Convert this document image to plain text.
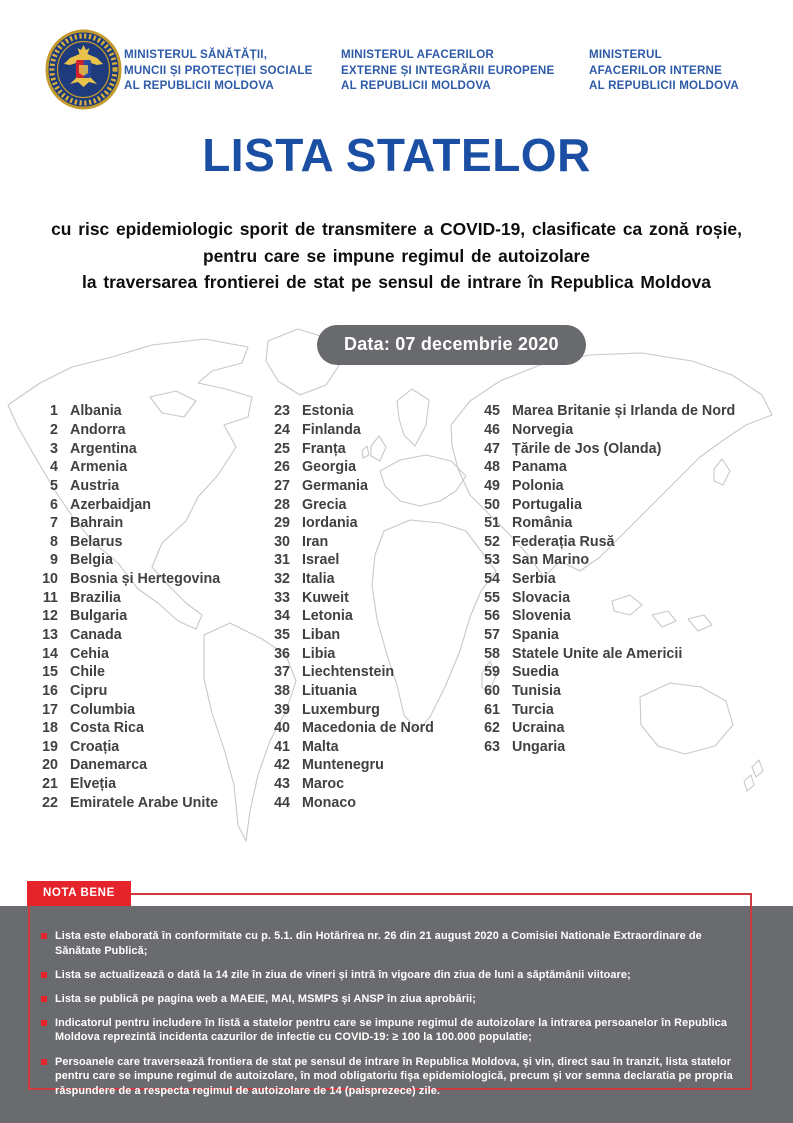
MINISTERUL SĂNĂTĂȚII,
MUNCII ȘI PROTECȚIEI SOCIALE
AL REPUBLICII MOLDOVA
MINISTERUL AFACERILOR
EXTERNE ȘI INTEGRĂRII EUROPENE
AL REPUBLICII MOLDOVA
MINISTERUL
AFACERILOR INTERNE
AL REPUBLICII MOLDOVA
LISTA STATELOR
cu risc epidemiologic sporit de transmitere a COVID-19, clasificate ca zonă roșie,
pentru care se impune regimul de autoizolare
la traversarea frontierei de stat pe sensul de intrare în Republica Moldova
Data: 07 decembrie 2020
1 Albania
2 Andorra
3 Argentina
4 Armenia
5 Austria
6 Azerbaidjan
7 Bahrain
8 Belarus
9 Belgia
10 Bosnia și Hertegovina
11 Brazilia
12 Bulgaria
13 Canada
14 Cehia
15 Chile
16 Cipru
17 Columbia
18 Costa Rica
19 Croația
20 Danemarca
21 Elveția
22 Emiratele Arabe Unite
23 Estonia
24 Finlanda
25 Franța
26 Georgia
27 Germania
28 Grecia
29 Iordania
30 Iran
31 Israel
32 Italia
33 Kuweit
34 Letonia
35 Liban
36 Libia
37 Liechtenstein
38 Lituania
39 Luxemburg
40 Macedonia de Nord
41 Malta
42 Muntenegru
43 Maroc
44 Monaco
45 Marea Britanie și Irlanda de Nord
46 Norvegia
47 Țările de Jos (Olanda)
48 Panama
49 Polonia
50 Portugalia
51 România
52 Federația Rusă
53 San Marino
54 Serbia
55 Slovacia
56 Slovenia
57 Spania
58 Statele Unite ale Americii
59 Suedia
60 Tunisia
61 Turcia
62 Ucraina
63 Ungaria
NOTA BENE

Lista este elaborată în conformitate cu p. 5.1. din Hotărîrea nr. 26 din 21 august 2020 a Comisiei Nationale Extraordinare de Sănătate Publică;

Lista se actualizează o dată la 14 zile în ziua de vineri și intră în vigoare din ziua de luni a săptămânii viitoare;

Lista se publică pe pagina web a MAEIE, MAI, MSMPS și ANSP în ziua aprobării;

Indicatorul pentru includere în listă a statelor pentru care se impune regimul de autoizolare la intrarea persoanelor în Republica Moldova reprezintă incidenta cazurilor de infectie cu COVID-19: ≥ 100 la 100.000 populatie;

Persoanele care traversează frontiera de stat pe sensul de intrare în Republica Moldova, şi vin, direct sau în tranzit, lista statelor pentru care se impune regimul de autoizolare, în mod obligatoriu fişa epidemiologică, precum şi vor semna declaratia pe propria răspundere de a respecta regimul de autoizolare de 14 (paisprezece) zile.
